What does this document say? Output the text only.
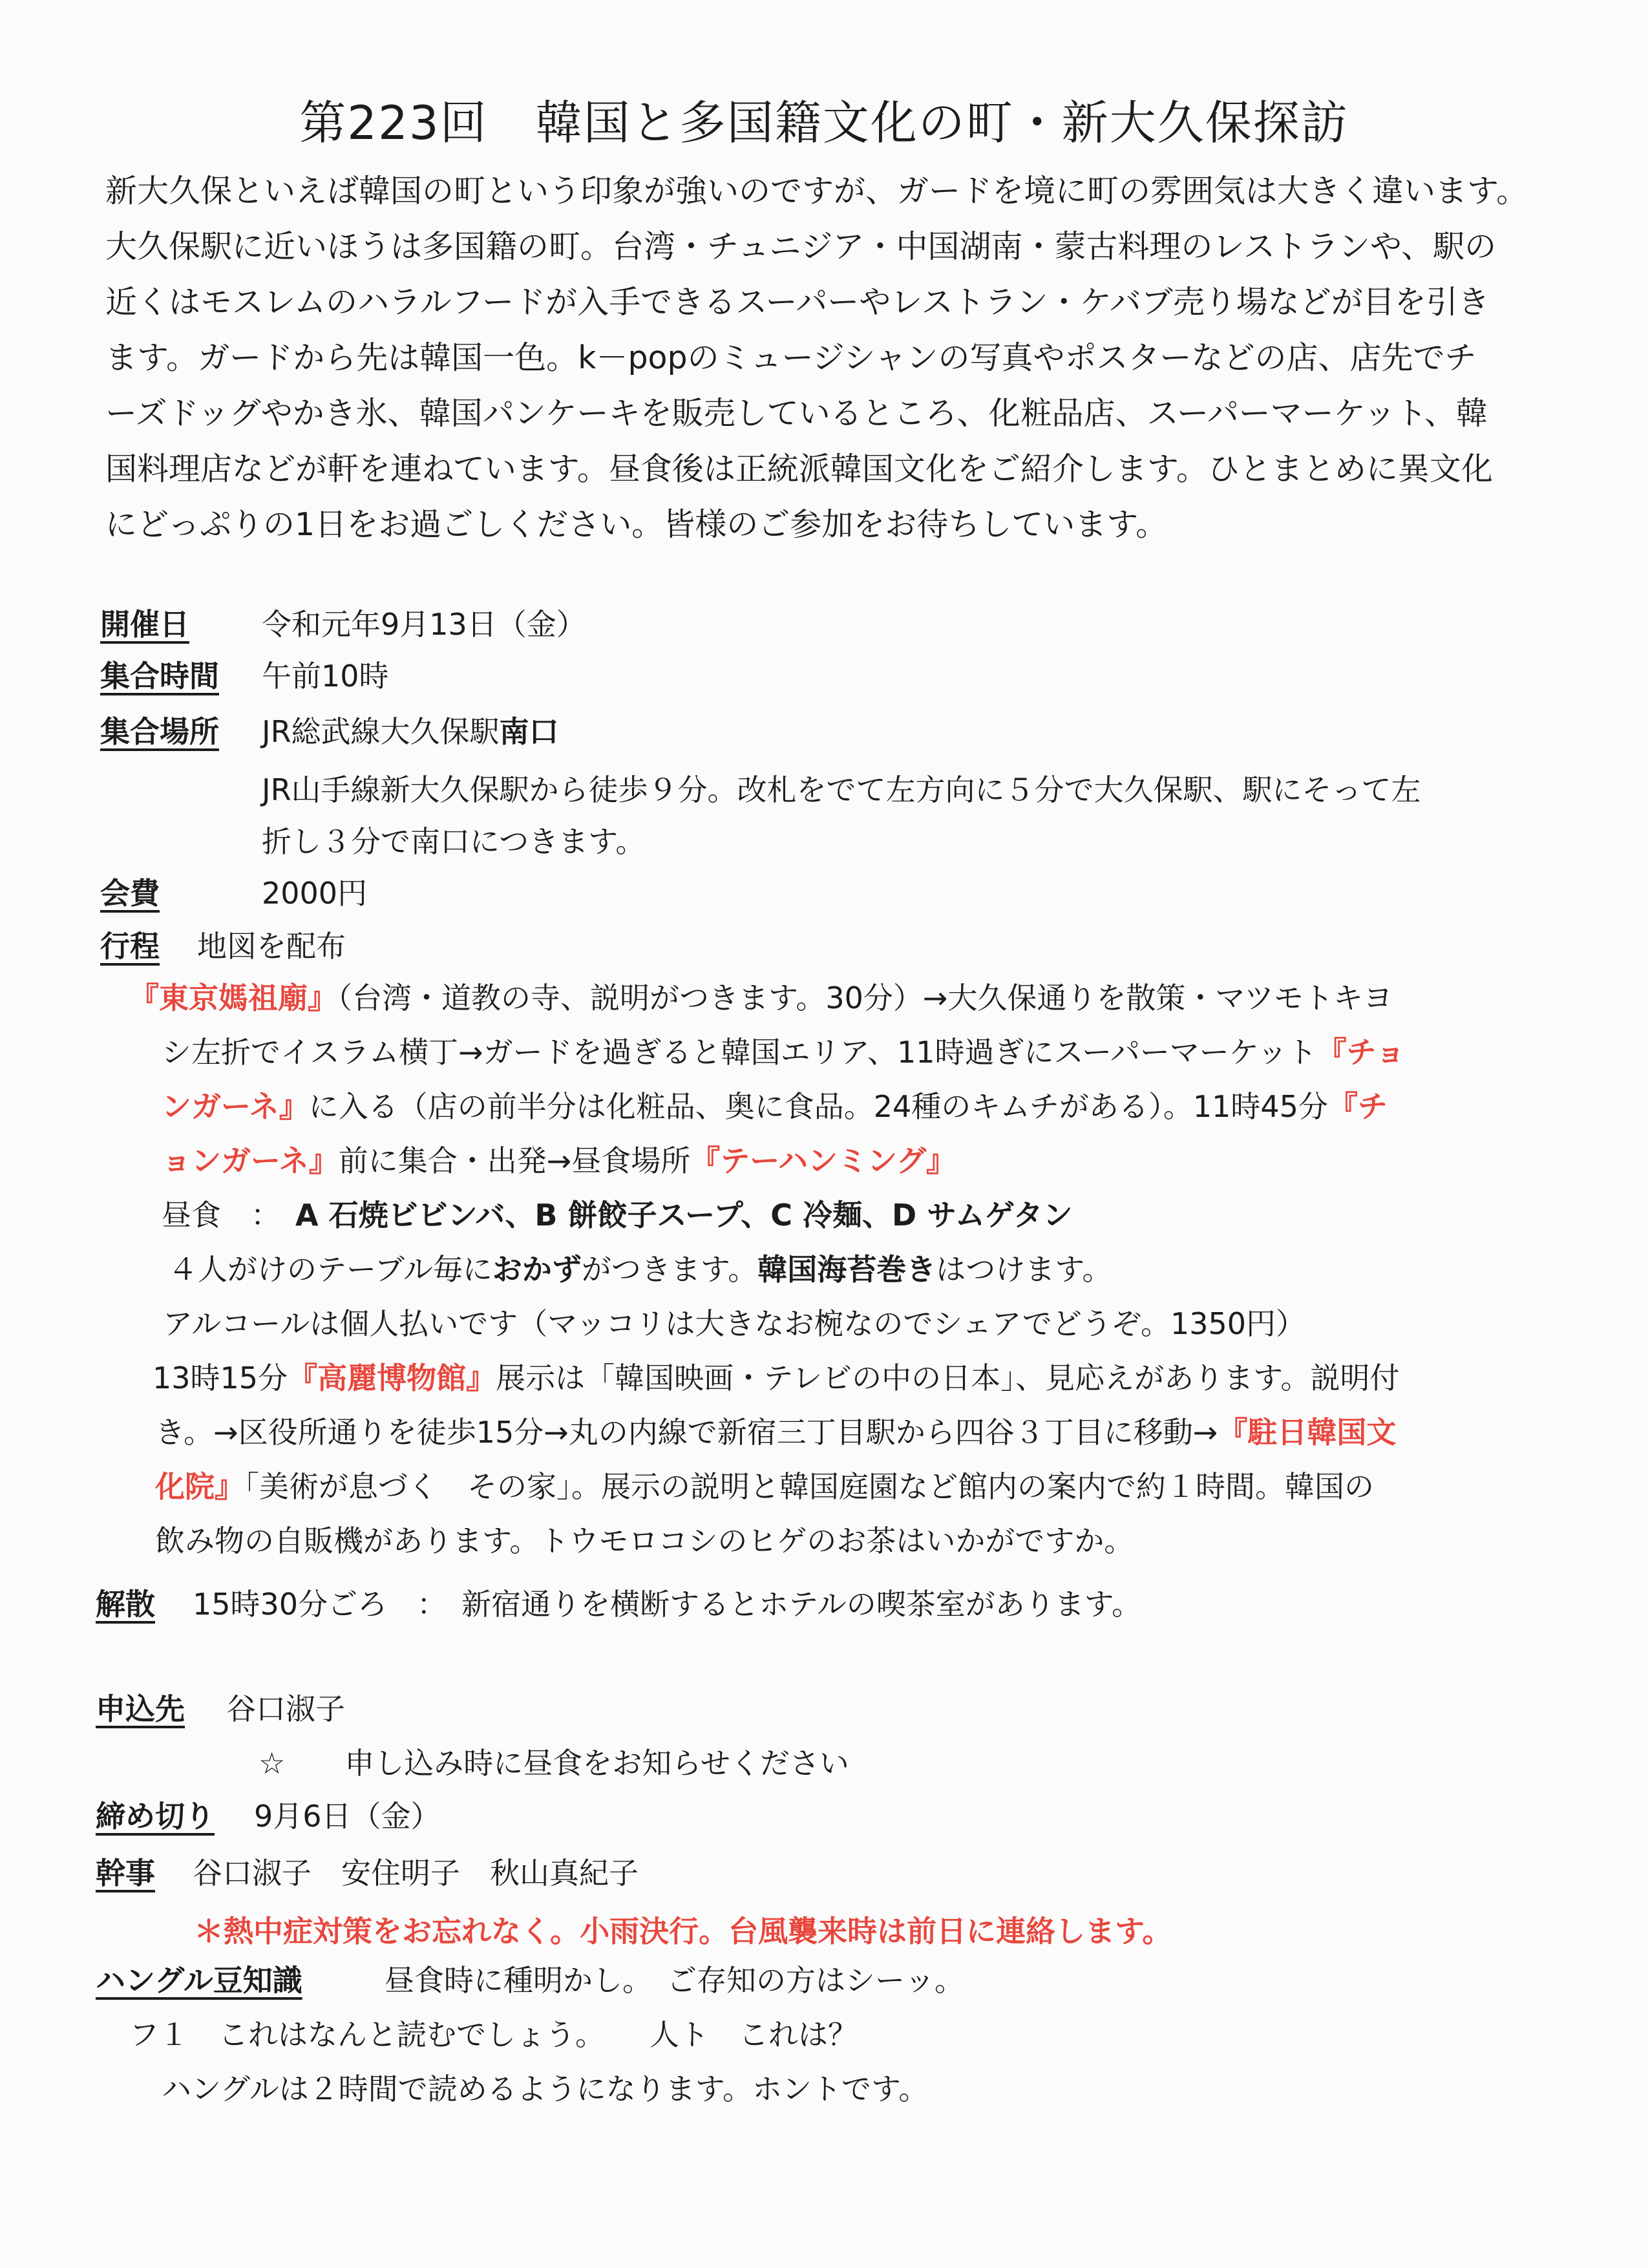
第223回　韓国と多国籍文化の町・新大久保探訪
新大久保といえば韓国の町という印象が強いのですが、ガードを境に町の雰囲気は大きく違います。
大久保駅に近いほうは多国籍の町。台湾・チュニジア・中国湖南・蒙古料理のレストランや、駅の
近くはモスレムのハラルフードが入手できるスーパーやレストラン・ケバブ売り場などが目を引き
ます。ガードから先は韓国一色。k－popのミュージシャンの写真やポスターなどの店、店先でチ
ーズドッグやかき氷、韓国パンケーキを販売しているところ、化粧品店、スーパーマーケット、韓
国料理店などが軒を連ねています。昼食後は正統派韓国文化をご紹介します。ひとまとめに異文化
にどっぷりの1日をお過ごしください。皆様のご参加をお待ちしています。
開催日 令和元年9月13日（金）
集合時間 午前10時
集合場所 JR総武線大久保駅南口
JR山手線新大久保駅から徒歩９分。改札をでて左方向に５分で大久保駅、駅にそって左
折し３分で南口につきます。
会費	2000円
行程 地図を配布
『東京媽祖廟』（台湾・道教の寺、説明がつきます。30分）→大久保通りを散策・マツモトキヨ
シ左折でイスラム横丁→ガードを過ぎると韓国エリア、11時過ぎにスーパーマーケット『チョ
ンガーネ』に入る（店の前半分は化粧品、奥に食品。24種のキムチがある）。11時45分『チ
ョンガーネ』前に集合・出発→昼食場所『テーハンミング』
昼食　：　A 石焼ビビンバ、B 餅餃子スープ、C 冷麺、D サムゲタン
４人がけのテーブル毎におかずがつきます。韓国海苔巻きはつけます。
アルコールは個人払いです（マッコリは大きなお椀なのでシェアでどうぞ。1350円）
13時15分『高麗博物館』展示は「韓国映画・テレビの中の日本」、見応えがあります。説明付
き。→区役所通りを徒歩15分→丸の内線で新宿三丁目駅から四谷３丁目に移動→『駐日韓国文
化院』「美術が息づく　その家」。展示の説明と韓国庭園など館内の案内で約１時間。韓国の
飲み物の自販機があります。トウモロコシのヒゲのお茶はいかがですか。
解散 15時30分ごろ　：　新宿通りを横断するとホテルの喫茶室があります。
申込先 谷口淑子
☆　　申し込み時に昼食をお知らせください
締め切り 9月6日（金）
幹事 谷口淑子　安住明子　秋山真紀子
＊熱中症対策をお忘れなく。小雨決行。台風襲来時は前日に連絡します。
ハングル豆知識	昼食時に種明かし。　ご存知の方はシーッ。
フ１　これはなんと読むでしょう。　　人ト　これは？
ハングルは２時間で読めるようになります。ホントです。
